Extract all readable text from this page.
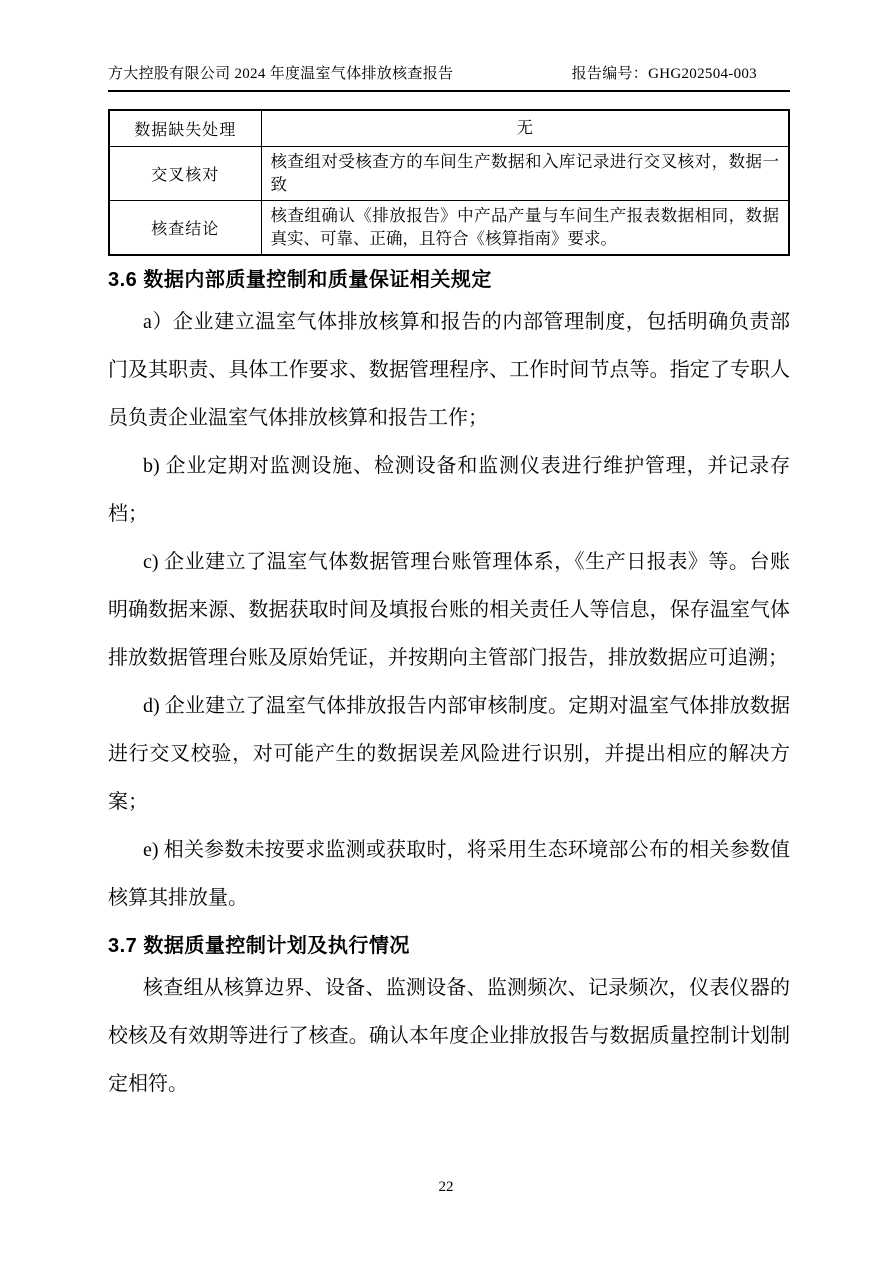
方大控股有限公司 2024 年度温室气体排放核查报告	报告编号：GHG202504-003
数据缺失处理	无
交叉核对	核查组对受核查方的车间生产数据和入库记录进行交叉核对，数据一致
核查结论	核查组确认《排放报告》中产品产量与车间生产报表数据相同，数据真实、可靠、正确，且符合《核算指南》要求。
3.6 数据内部质量控制和质量保证相关规定

a）企业建立温室气体排放核算和报告的内部管理制度，包括明确负责部门及其职责、具体工作要求、数据管理程序、工作时间节点等。指定了专职人员负责企业温室气体排放核算和报告工作；

b) 企业定期对监测设施、检测设备和监测仪表进行维护管理，并记录存档；

c) 企业建立了温室气体数据管理台账管理体系，《生产日报表》等。台账明确数据来源、数据获取时间及填报台账的相关责任人等信息，保存温室气体排放数据管理台账及原始凭证，并按期向主管部门报告，排放数据应可追溯；

d) 企业建立了温室气体排放报告内部审核制度。定期对温室气体排放数据进行交叉校验，对可能产生的数据误差风险进行识别，并提出相应的解决方案；

e) 相关参数未按要求监测或获取时，将采用生态环境部公布的相关参数值核算其排放量。

3.7 数据质量控制计划及执行情况

核查组从核算边界、设备、监测设备、监测频次、记录频次，仪表仪器的校核及有效期等进行了核查。确认本年度企业排放报告与数据质量控制计划制定相符。

22
